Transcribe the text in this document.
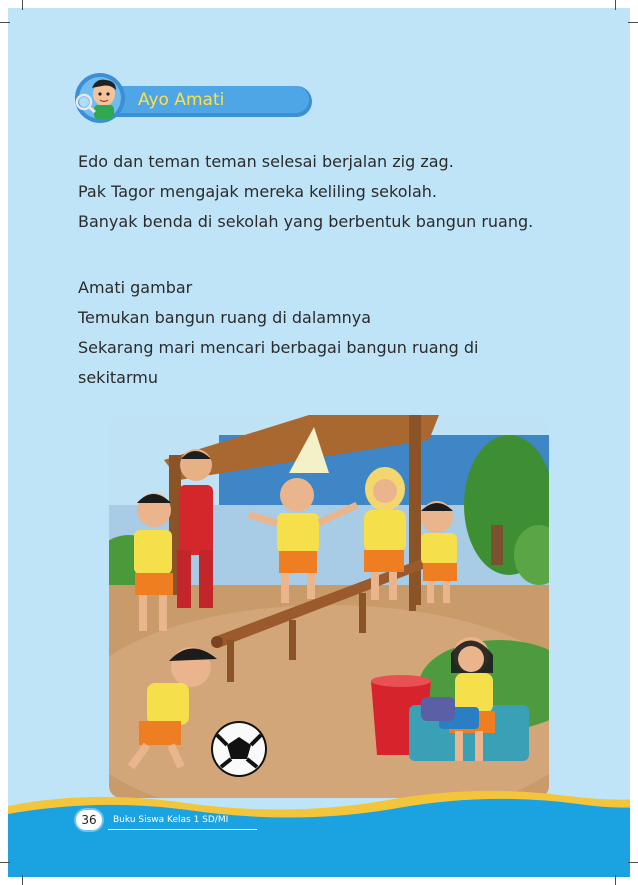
Ayo Amati

Edo dan teman teman selesai berjalan zig zag.

Pak Tagor mengajak mereka keliling sekolah.

Banyak benda di sekolah yang berbentuk bangun ruang.

Amati gambar

Temukan bangun ruang di dalamnya

Sekarang mari mencari berbagai bangun ruang di

sekitarmu

36	Buku Siswa Kelas 1 SD/MI
